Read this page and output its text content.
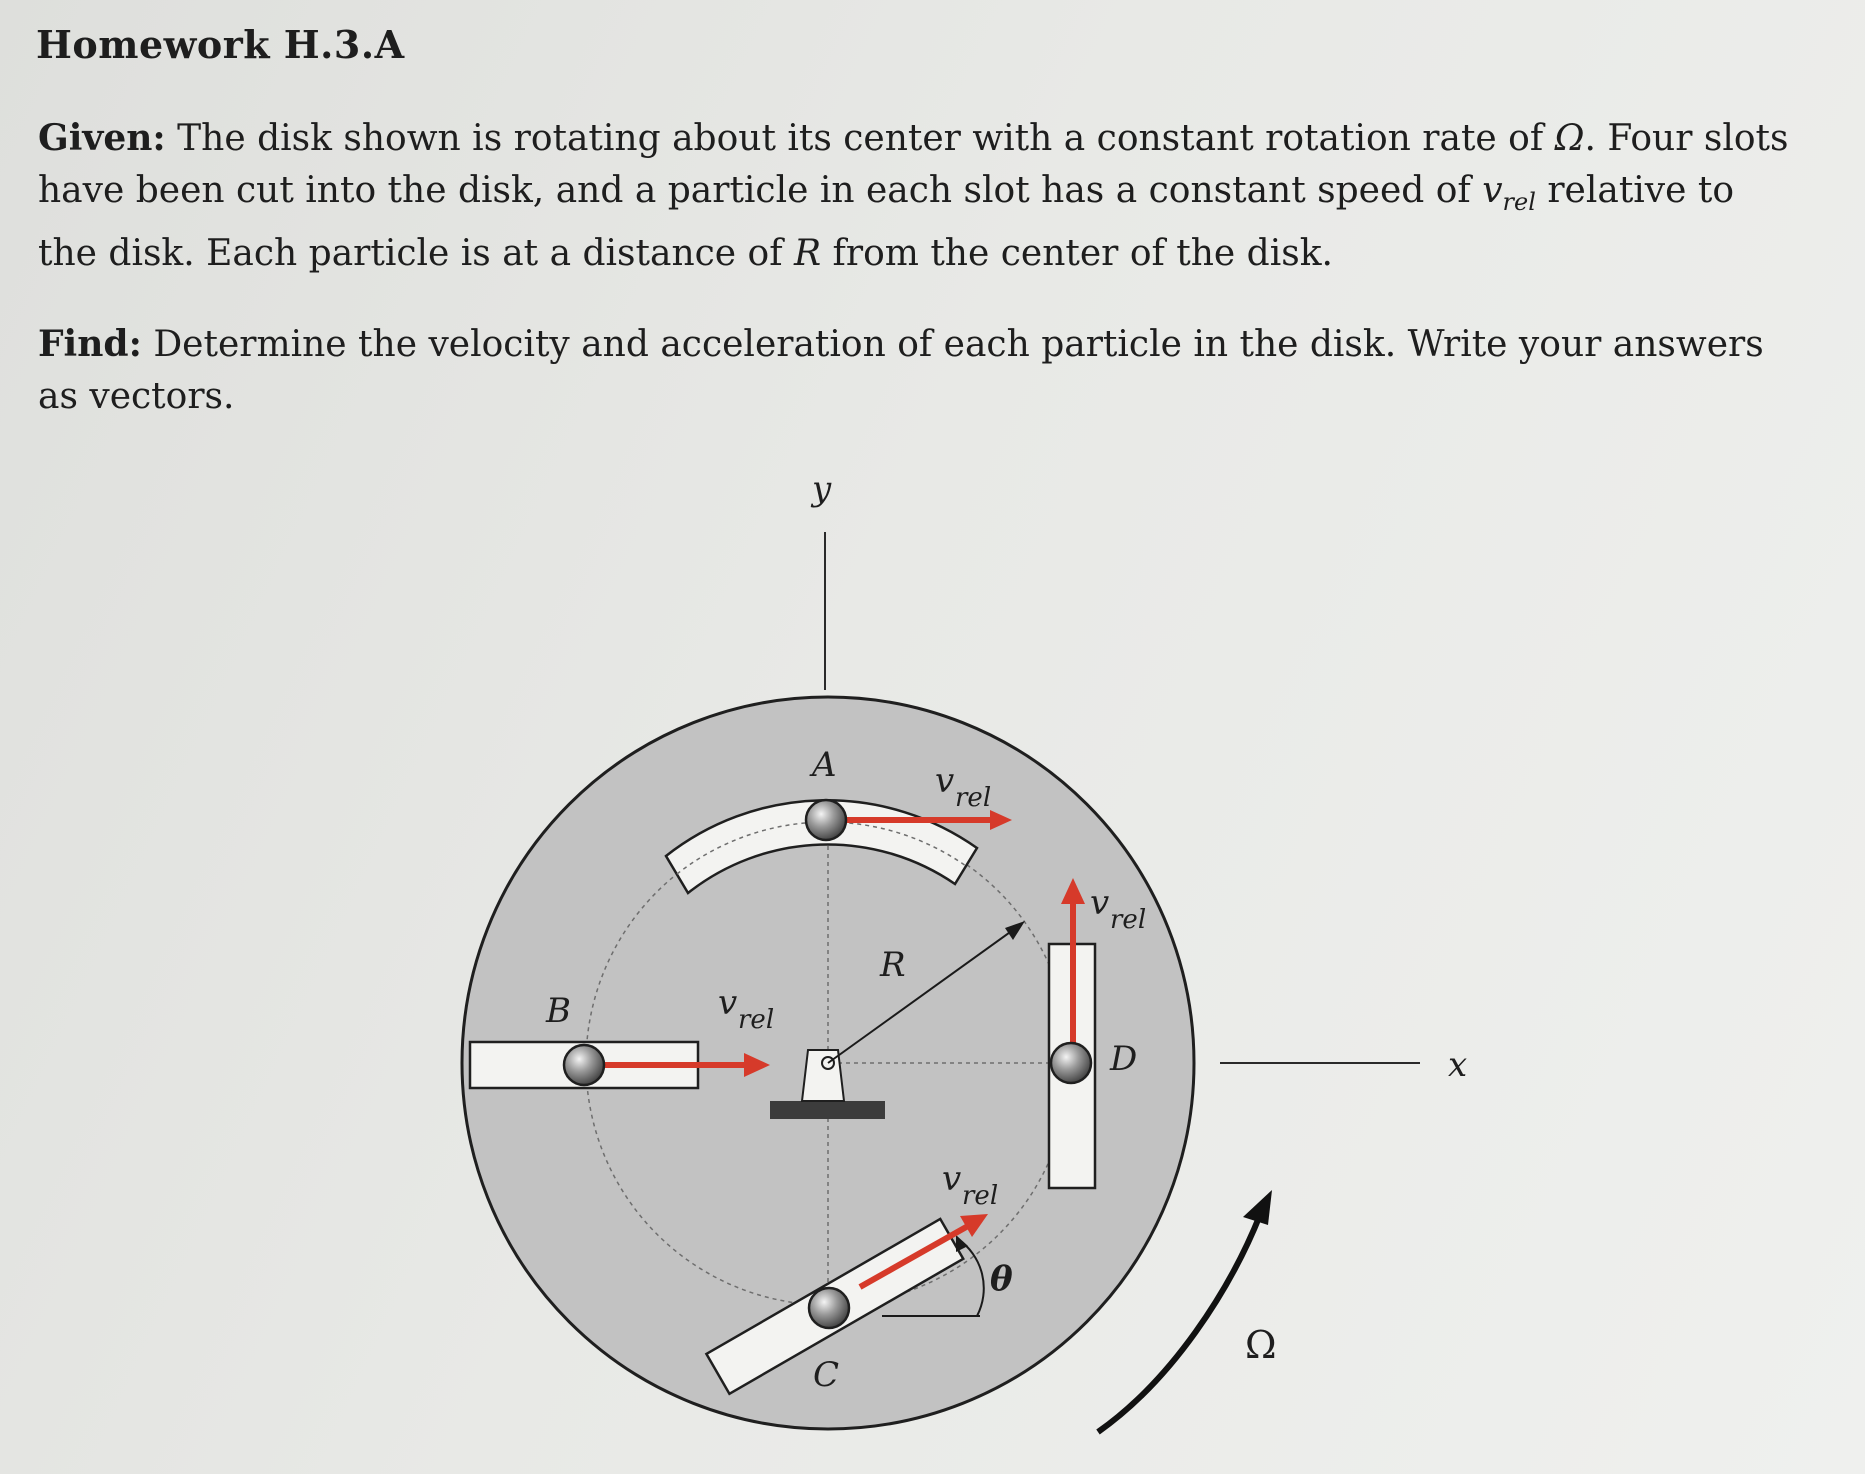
Homework H.3.A
Given: The disk shown is rotating about its center with a constant rotation rate of Ω. Four slots have been cut into the disk, and a particle in each slot has a constant speed of $v_{rel}$ relative to the disk. Each particle is at a distance of R from the center of the disk.
Find: Determine the velocity and acceleration of each particle in the disk. Write your answers as vectors.
y
x
A
B
C
D
R
θ
Ω
v rel
v rel
v rel
v rel
